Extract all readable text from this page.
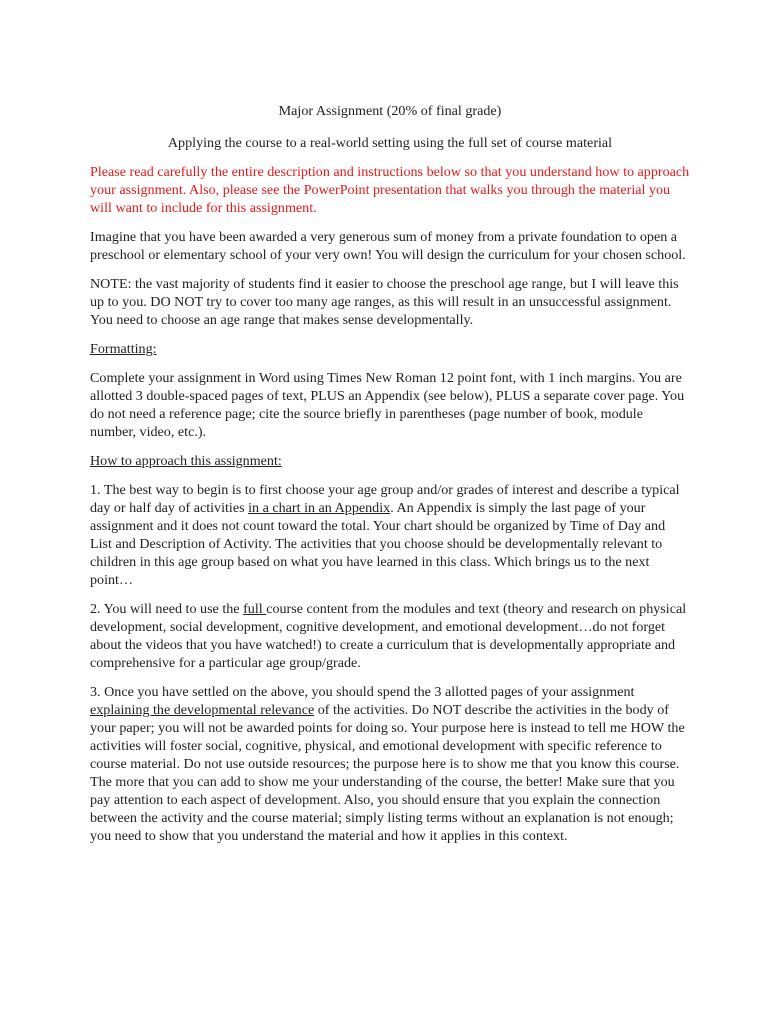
Major Assignment (20% of final grade)

Applying the course to a real-world setting using the full set of course material

Please read carefully the entire description and instructions below so that you understand how to approach your assignment. Also, please see the PowerPoint presentation that walks you through the material you will want to include for this assignment.

Imagine that you have been awarded a very generous sum of money from a private foundation to open a preschool or elementary school of your very own! You will design the curriculum for your chosen school.

NOTE: the vast majority of students find it easier to choose the preschool age range, but I will leave this up to you. DO NOT try to cover too many age ranges, as this will result in an unsuccessful assignment. You need to choose an age range that makes sense developmentally.

Formatting:

Complete your assignment in Word using Times New Roman 12 point font, with 1 inch margins. You are allotted 3 double-spaced pages of text, PLUS an Appendix (see below), PLUS a separate cover page. You do not need a reference page; cite the source briefly in parentheses (page number of book, module number, video, etc.).

How to approach this assignment:

1. The best way to begin is to first choose your age group and/or grades of interest and describe a typical day or half day of activities in a chart in an Appendix. An Appendix is simply the last page of your assignment and it does not count toward the total. Your chart should be organized by Time of Day and List and Description of Activity. The activities that you choose should be developmentally relevant to children in this age group based on what you have learned in this class. Which brings us to the next point…

2. You will need to use the full course content from the modules and text (theory and research on physical development, social development, cognitive development, and emotional development…do not forget about the videos that you have watched!) to create a curriculum that is developmentally appropriate and comprehensive for a particular age group/grade.

3. Once you have settled on the above, you should spend the 3 allotted pages of your assignment explaining the developmental relevance of the activities. Do NOT describe the activities in the body of your paper; you will not be awarded points for doing so. Your purpose here is instead to tell me HOW the activities will foster social, cognitive, physical, and emotional development with specific reference to course material. Do not use outside resources; the purpose here is to show me that you know this course. The more that you can add to show me your understanding of the course, the better! Make sure that you pay attention to each aspect of development. Also, you should ensure that you explain the connection between the activity and the course material; simply listing terms without an explanation is not enough; you need to show that you understand the material and how it applies in this context.
